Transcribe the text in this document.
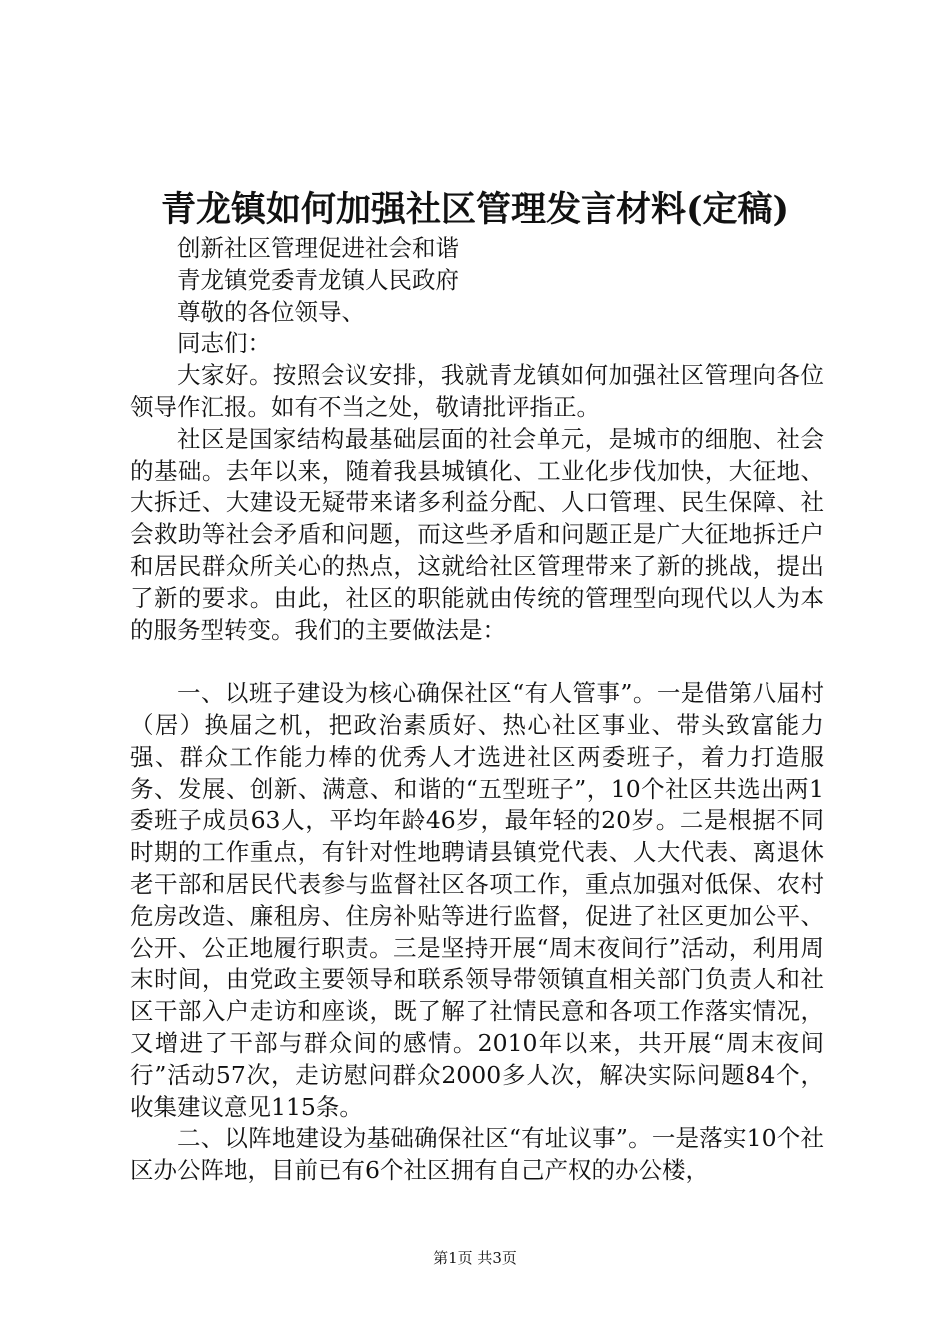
青龙镇如何加强社区管理发言材料(定稿)

创新社区管理促进社会和谐

青龙镇党委青龙镇人民政府

尊敬的各位领导、

同志们：

大家好。按照会议安排，我就青龙镇如何加强社区管理向各位领导作汇报。如有不当之处，敬请批评指正。

社区是国家结构最基础层面的社会单元，是城市的细胞、社会的基础。去年以来，随着我县城镇化、工业化步伐加快，大征地、大拆迁、大建设无疑带来诸多利益分配、人口管理、民生保障、社会救助等社会矛盾和问题，而这些矛盾和问题正是广大征地拆迁户和居民群众所关心的热点，这就给社区管理带来了新的挑战，提出了新的要求。由此，社区的职能就由传统的管理型向现代以人为本的服务型转变。我们的主要做法是：

一、以班子建设为核心确保社区“有人管事”。一是借第八届村（居）换届之机，把政治素质好、热心社区事业、带头致富能力强、群众工作能力棒的优秀人才选进社区两委班子，着力打造服务、发展、创新、满意、和谐的“五型班子”，10个社区共选出两1委班子成员63人，平均年龄46岁，最年轻的20岁。二是根据不同时期的工作重点，有针对性地聘请县镇党代表、人大代表、离退休老干部和居民代表参与监督社区各项工作，重点加强对低保、农村危房改造、廉租房、住房补贴等进行监督，促进了社区更加公平、公开、公正地履行职责。三是坚持开展“周末夜间行”活动，利用周末时间，由党政主要领导和联系领导带领镇直相关部门负责人和社区干部入户走访和座谈，既了解了社情民意和各项工作落实情况，又增进了干部与群众间的感情。2010年以来，共开展“周末夜间行”活动57次，走访慰问群众2000多人次，解决实际问题84个，收集建议意见115条。

二、以阵地建设为基础确保社区“有址议事”。一是落实10个社区办公阵地，目前已有6个社区拥有自己产权的办公楼，

第1页 共3页
